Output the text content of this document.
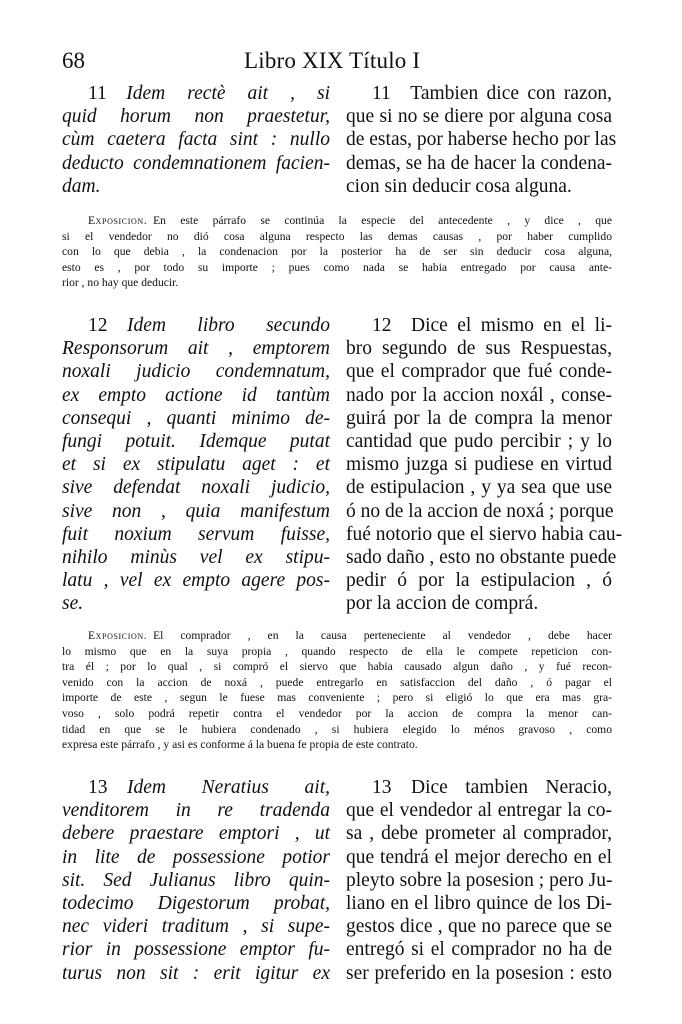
68	Libro XIX Título I
11  Idem rectè ait , si
quid horum non praestetur,
cùm caetera facta sint : nullo
deducto condemnationem facien-
dam.
11  Tambien dice con razon,
que si no se diere por alguna cosa
de estas, por haberse hecho por las
demas, se ha de hacer la condena-
cion sin deducir cosa alguna.
Exposicion.  En este párrafo se continúa la especie del antecedente , y dice , que
si el vendedor no dió cosa alguna respecto las demas causas , por haber cumplido
con lo que debia , la condenacion por la posterior ha de ser sin deducir cosa alguna,
esto es , por todo su importe ; pues como nada se habia entregado por causa ante-
rior , no hay que deducir.
12  Idem libro secundo
Responsorum ait , emptorem
noxali judicio condemnatum,
ex empto actione id tantùm
consequi , quanti minimo de-
fungi potuit. Idemque putat
et si ex stipulatu aget : et
sive defendat noxali judicio,
sive non , quia manifestum
fuit noxium servum fuisse,
nihilo minùs vel ex stipu-
latu , vel ex empto agere pos-
se.
12  Dice el mismo en el li-
bro segundo de sus Respuestas,
que el comprador que fué conde-
nado por la accion noxál , conse-
guirá por la de compra la menor
cantidad que pudo percibir ; y lo
mismo juzga si pudiese en virtud
de estipulacion , y ya sea que use
ó no de la accion de noxá ; porque
fué notorio que el siervo habia cau-
sado daño , esto no obstante puede
pedir ó por la estipulacion , ó
por la accion de comprá.
Exposicion.  El comprador , en la causa perteneciente al vendedor , debe hacer
lo mismo que en la suya propia , quando respecto de ella le compete repeticion con-
tra él ; por lo qual , si compró el siervo que habia causado algun daño , y fué recon-
venido con la accion de noxá , puede entregarlo en satisfaccion del daño , ó pagar el
importe de este , segun le fuese mas conveniente ; pero si eligió lo que era mas gra-
voso , solo podrá repetir contra el vendedor por la accion de compra la menor can-
tidad en que se le hubiera condenado , si hubiera elegido lo ménos gravoso , como
expresa este párrafo , y asi es conforme á la buena fe propia de este contrato.
13  Idem Neratius ait,
venditorem in re tradenda
debere praestare emptori , ut
in lite de possessione potior
sit. Sed Julianus libro quin-
todecimo Digestorum probat,
nec videri traditum , si supe-
rior in possessione emptor fu-
turus non sit : erit igitur ex
13  Dice tambien Neracio,
que el vendedor al entregar la co-
sa , debe prometer al comprador,
que tendrá el mejor derecho en el
pleyto sobre la posesion ; pero Ju-
liano en el libro quince de los Di-
gestos dice , que no parece que se
entregó si el comprador no ha de
ser preferido en la posesion : esto
